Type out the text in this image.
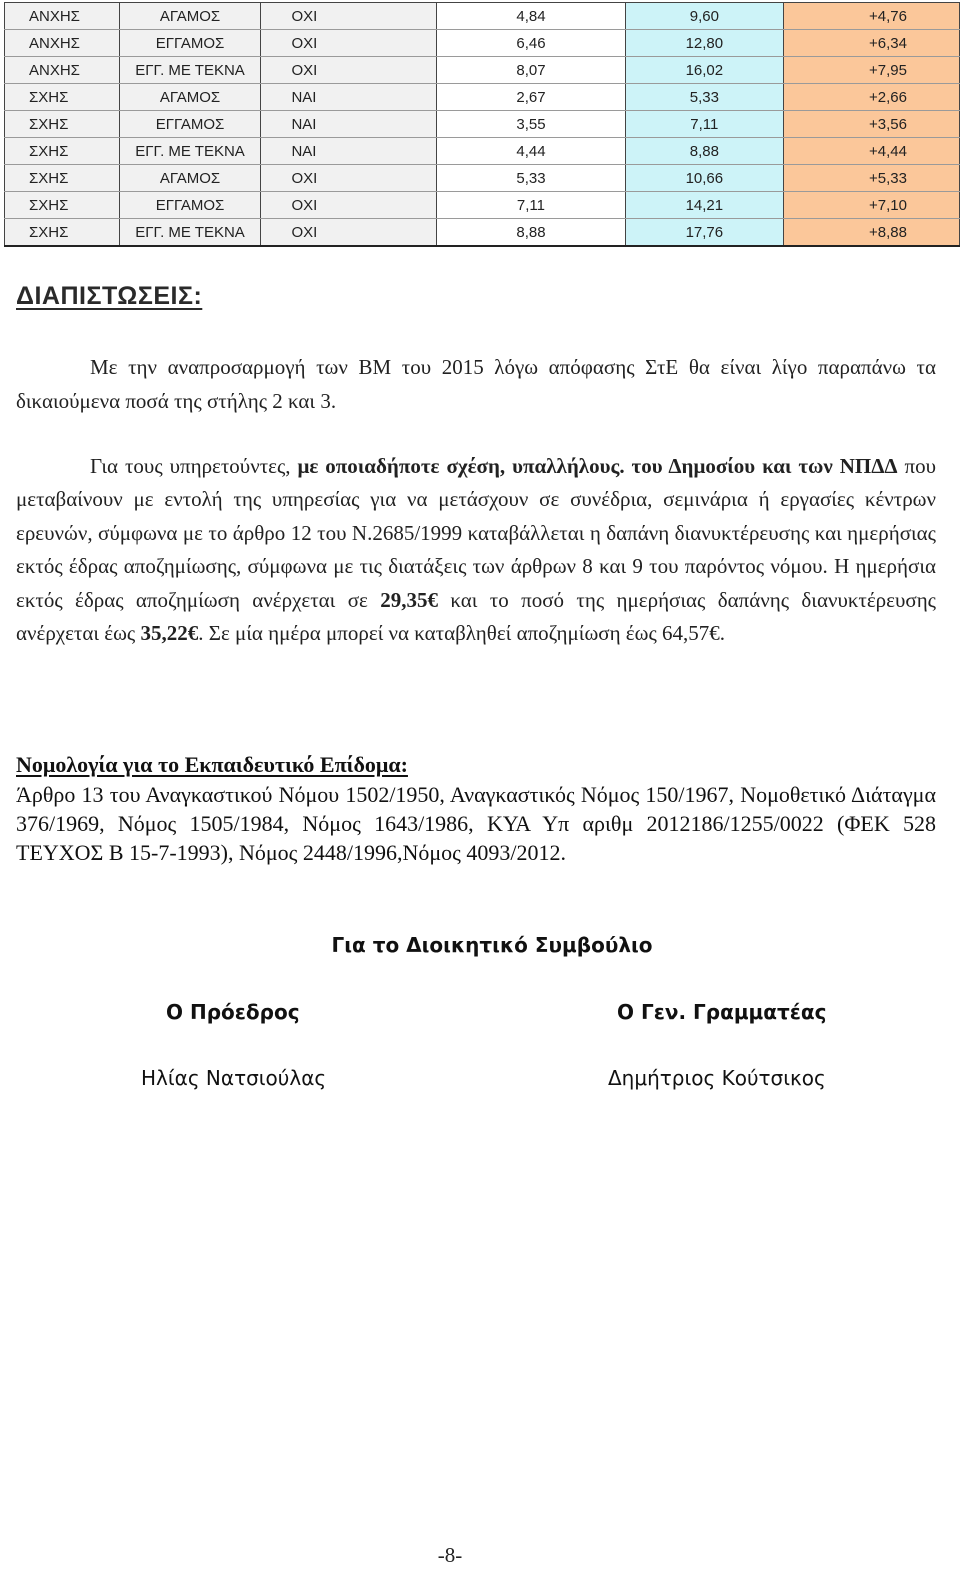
ΑΝΧΗΣ	ΑΓΑΜΟΣ	ΟΧΙ	4,84	9,60	+4,76
ΑΝΧΗΣ	ΕΓΓΑΜΟΣ	ΟΧΙ	6,46	12,80	+6,34
ΑΝΧΗΣ	ΕΓΓ. ΜΕ ΤΕΚΝΑ	ΟΧΙ	8,07	16,02	+7,95
ΣΧΗΣ	ΑΓΑΜΟΣ	ΝΑΙ	2,67	5,33	+2,66
ΣΧΗΣ	ΕΓΓΑΜΟΣ	ΝΑΙ	3,55	7,11	+3,56
ΣΧΗΣ	ΕΓΓ. ΜΕ ΤΕΚΝΑ	ΝΑΙ	4,44	8,88	+4,44
ΣΧΗΣ	ΑΓΑΜΟΣ	ΟΧΙ	5,33	10,66	+5,33
ΣΧΗΣ	ΕΓΓΑΜΟΣ	ΟΧΙ	7,11	14,21	+7,10
ΣΧΗΣ	ΕΓΓ. ΜΕ ΤΕΚΝΑ	ΟΧΙ	8,88	17,76	+8,88
ΔΙΑΠΙΣΤΩΣΕΙΣ:

Με την αναπροσαρμογή των ΒΜ του 2015 λόγω απόφασης ΣτΕ θα είναι λίγο παραπάνω τα δικαιούμενα ποσά της στήλης 2 και 3.

Για τους υπηρετούντες, με οποιαδήποτε σχέση, υπαλλήλους. του Δημοσίου και των ΝΠΔΔ που μεταβαίνουν με εντολή της υπηρεσίας για να μετάσχουν σε συνέδρια, σεμινάρια ή εργασίες κέντρων ερευνών, σύμφωνα με το άρθρο 12 του Ν.2685/1999 καταβάλλεται η δαπάνη διανυκτέρευσης και ημερήσιας εκτός έδρας αποζημίωσης, σύμφωνα με τις διατάξεις των άρθρων 8 και 9 του παρόντος νόμου. Η ημερήσια εκτός έδρας αποζημίωση ανέρχεται σε 29,35€ και το ποσό της ημερήσιας δαπάνης διανυκτέρευσης ανέρχεται έως 35,22€. Σε μία ημέρα μπορεί να καταβληθεί αποζημίωση έως 64,57€.

Νομολογία για το Εκπαιδευτικό Επίδομα:

Άρθρο 13 του Αναγκαστικού Νόμου 1502/1950, Αναγκαστικός Νόμος 150/1967, Νομοθετικό Διάταγμα 376/1969, Νόμος 1505/1984, Νόμος 1643/1986, ΚΥΑ Υπ αριθμ 2012186/1255/0022 (ΦΕΚ 528 ΤΕΥΧΟΣ Β 15-7-1993), Νόμος 2448/1996,Νόμος 4093/2012.

Για το Διοικητικό Συμβούλιο

Ο Πρόεδρος	Ο Γεν. Γραμματέας

Ηλίας Νατσιούλας	Δημήτριος Κούτσικος

-8-
